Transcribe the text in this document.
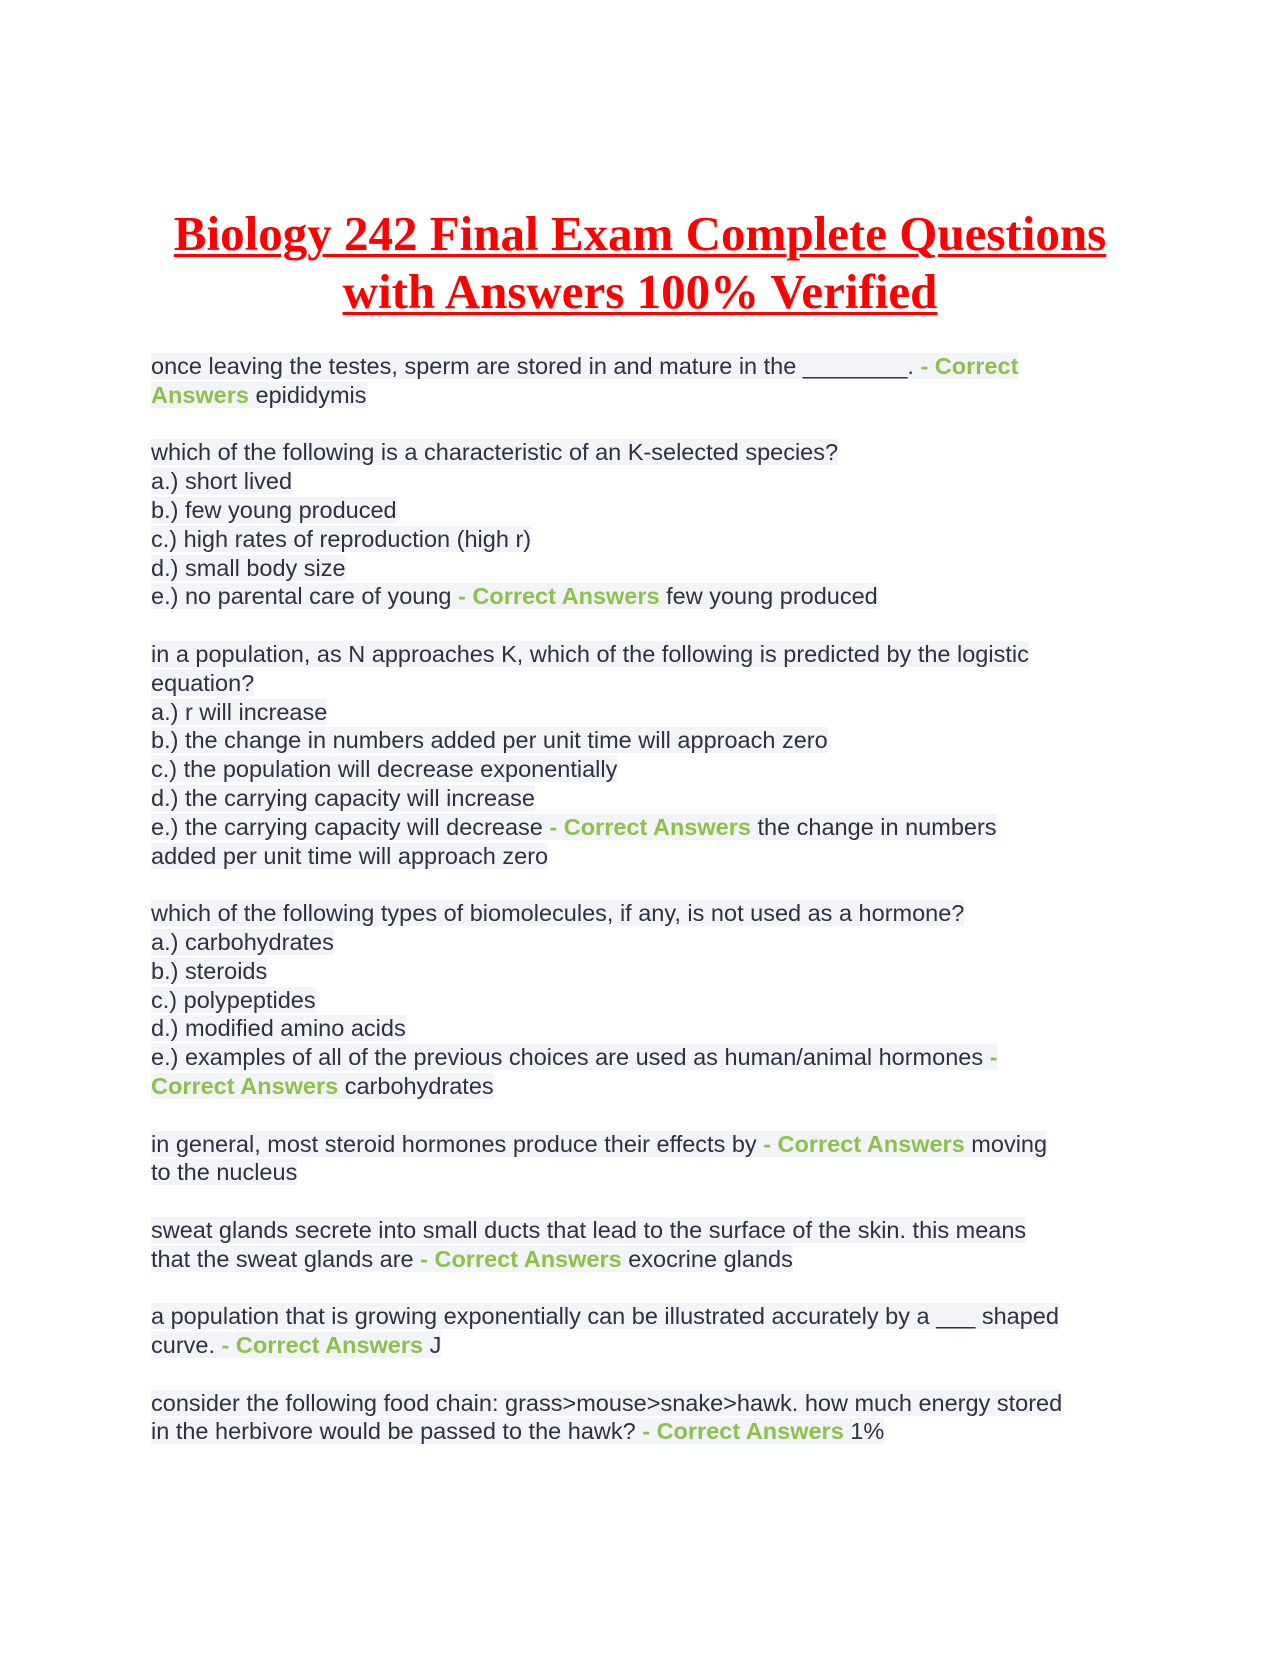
Biology 242 Final Exam Complete Questions
with Answers 100% Verified
once leaving the testes, sperm are stored in and mature in the ________. - Correct
Answers epididymis
which of the following is a characteristic of an K-selected species?
a.) short lived
b.) few young produced
c.) high rates of reproduction (high r)
d.) small body size
e.) no parental care of young - Correct Answers few young produced
in a population, as N approaches K, which of the following is predicted by the logistic
equation?
a.) r will increase
b.) the change in numbers added per unit time will approach zero
c.) the population will decrease exponentially
d.) the carrying capacity will increase
e.) the carrying capacity will decrease - Correct Answers the change in numbers
added per unit time will approach zero
which of the following types of biomolecules, if any, is not used as a hormone?
a.) carbohydrates
b.) steroids
c.) polypeptides
d.) modified amino acids
e.) examples of all of the previous choices are used as human/animal hormones -
Correct Answers carbohydrates
in general, most steroid hormones produce their effects by - Correct Answers moving
to the nucleus
sweat glands secrete into small ducts that lead to the surface of the skin. this means
that the sweat glands are - Correct Answers exocrine glands
a population that is growing exponentially can be illustrated accurately by a ___ shaped
curve. - Correct Answers J
consider the following food chain: grass>mouse>snake>hawk. how much energy stored
in the herbivore would be passed to the hawk? - Correct Answers 1%
